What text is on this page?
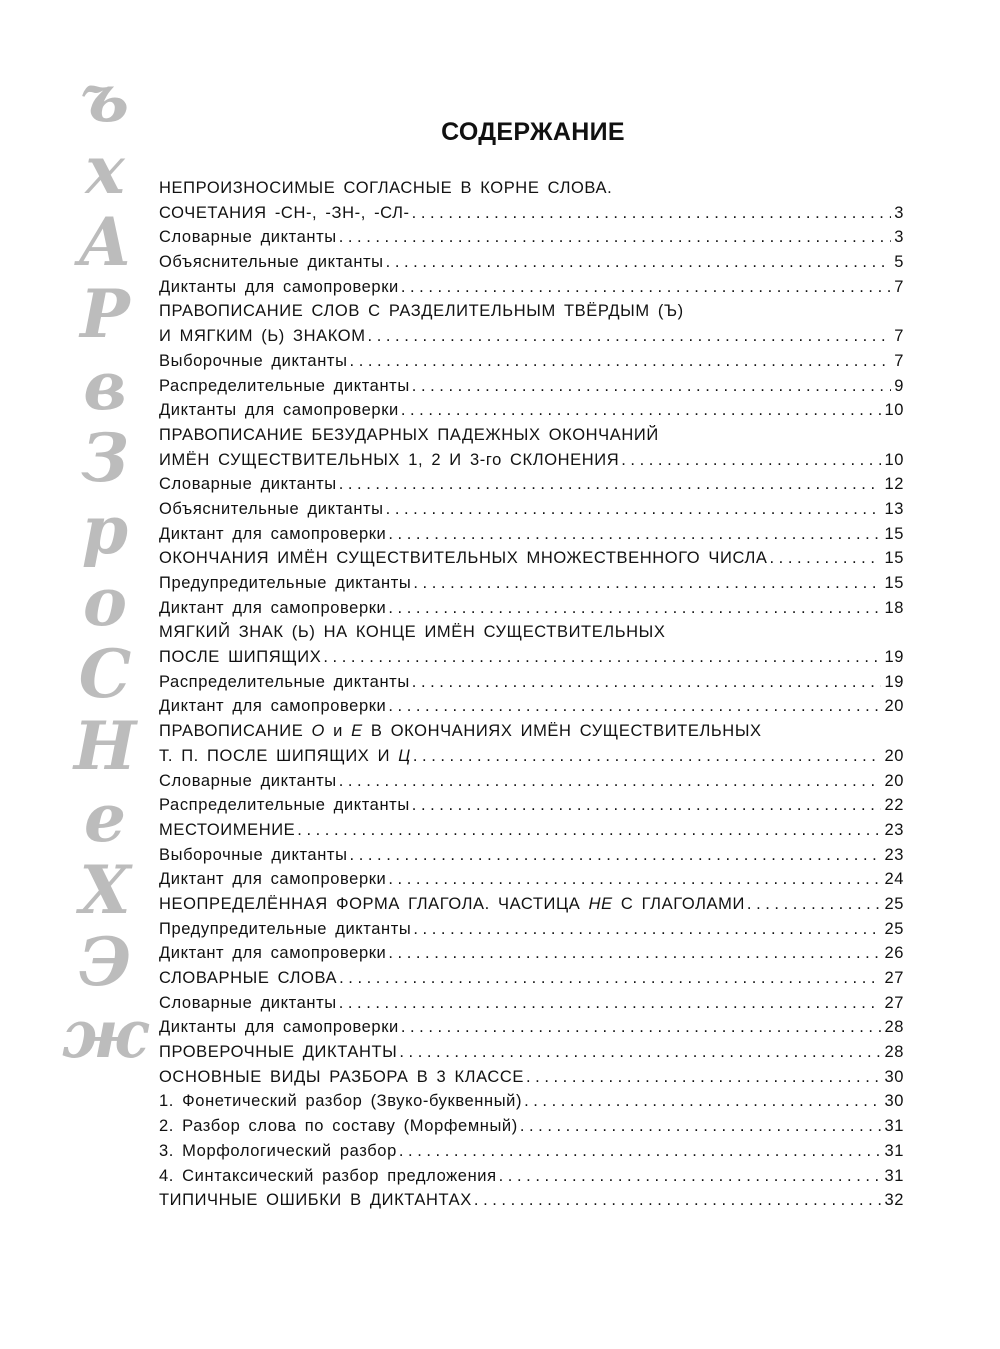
ъ
х
А
Р
в
З
р
о
С
Н
е
Х
Э
ж
СОДЕРЖАНИЕ
НЕПРОИЗНОСИМЫЕ СОГЛАСНЫЕ В КОРНЕ СЛОВА.
СОЧЕТАНИЯ -СН-, -ЗН-, -СЛ- . . .	3
Словарные диктанты . . .	3
Объяснительные диктанты . . .	5
Диктанты для самопроверки . . .	7
ПРАВОПИСАНИЕ СЛОВ С РАЗДЕЛИТЕЛЬНЫМ ТВЁРДЫМ (Ъ)
И МЯГКИМ (Ь) ЗНАКОМ . . .	7
Выборочные диктанты . . .	7
Распределительные диктанты . . .	9
Диктанты для самопроверки . . .	10
ПРАВОПИСАНИЕ БЕЗУДАРНЫХ ПАДЕЖНЫХ ОКОНЧАНИЙ
ИМЁН СУЩЕСТВИТЕЛЬНЫХ 1, 2 И 3-го СКЛОНЕНИЯ . . .	10
Словарные диктанты . . .	12
Объяснительные диктанты . . .	13
Диктант для самопроверки . . .	15
ОКОНЧАНИЯ ИМЁН СУЩЕСТВИТЕЛЬНЫХ МНОЖЕСТВЕННОГО ЧИСЛА . . .	15
Предупредительные диктанты . . .	15
Диктант для самопроверки . . .	18
МЯГКИЙ ЗНАК (Ь) НА КОНЦЕ ИМЁН СУЩЕСТВИТЕЛЬНЫХ
ПОСЛЕ ШИПЯЩИХ . . .	19
Распределительные диктанты . . .	19
Диктант для самопроверки . . .	20
ПРАВОПИСАНИЕ О и Е В ОКОНЧАНИЯХ ИМЁН СУЩЕСТВИТЕЛЬНЫХ
Т. П. ПОСЛЕ ШИПЯЩИХ И Ц . . .	20
Словарные диктанты . . .	20
Распределительные диктанты . . .	22
МЕСТОИМЕНИЕ . . .	23
Выборочные диктанты . . .	23
Диктант для самопроверки . . .	24
НЕОПРЕДЕЛЁННАЯ ФОРМА ГЛАГОЛА. ЧАСТИЦА НЕ С ГЛАГОЛАМИ . . .	25
Предупредительные диктанты . . .	25
Диктант для самопроверки . . .	26
СЛОВАРНЫЕ СЛОВА . . .	27
Словарные диктанты . . .	27
Диктанты для самопроверки . . .	28
ПРОВЕРОЧНЫЕ ДИКТАНТЫ . . .	28
ОСНОВНЫЕ ВИДЫ РАЗБОРА В 3 КЛАССЕ . . .	30
1. Фонетический разбор (Звуко-буквенный) . . .	30
2. Разбор слова по составу (Морфемный) . . .	31
3. Морфологический разбор . . .	31
4. Синтаксический разбор предложения . . .	31
ТИПИЧНЫЕ ОШИБКИ В ДИКТАНТАХ . . .	32
